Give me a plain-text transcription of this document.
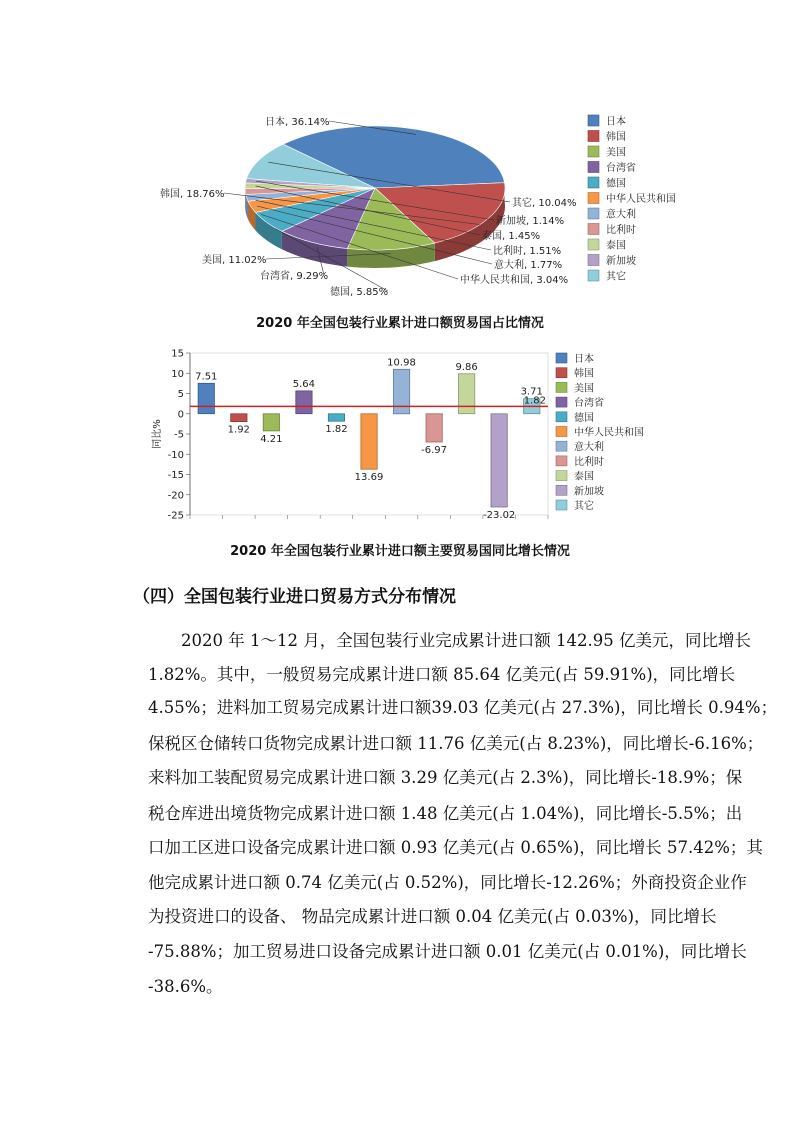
日本, 36.14%
韩国, 18.76%
美国, 11.02%
台湾省, 9.29%
德国, 5.85%
中华人民共和国, 3.04%
意大利, 1.77%
比利时, 1.51%
泰国, 1.45%
新加坡, 1.14%
其它, 10.04%
日本
韩国
美国
台湾省
德国
中华人民共和国
意大利
比利时
泰国
新加坡
其它
2020 年全国包装行业累计进口额贸易国占比情况
15
10
5
0
-5
-10
-15
-20
-25
同比%
7.51
1.92
4.21
5.64
1.82
13.69
10.98
-6.97
9.86
-23.02
3.71
1.82
日本
韩国
美国
台湾省
德国
中华人民共和国
意大利
比利时
泰国
新加坡
其它
2020 年全国包装行业累计进口额主要贸易国同比增长情况
（四）全国包装行业进口贸易方式分布情况
2020 年 1～12 月，全国包装行业完成累计进口额 142.95 亿美元，同比增长
1.82%。其中，一般贸易完成累计进口额 85.64 亿美元(占 59.91%)，同比增长
4.55%；进料加工贸易完成累计进口额39.03 亿美元(占 27.3%)，同比增长 0.94%；
保税区仓储转口货物完成累计进口额 11.76 亿美元(占 8.23%)，同比增长-6.16%；
来料加工装配贸易完成累计进口额 3.29 亿美元(占 2.3%)，同比增长-18.9%；保
税仓库进出境货物完成累计进口额 1.48 亿美元(占 1.04%)，同比增长-5.5%；出
口加工区进口设备完成累计进口额 0.93 亿美元(占 0.65%)，同比增长 57.42%；其
他完成累计进口额 0.74 亿美元(占 0.52%)，同比增长-12.26%；外商投资企业作
为投资进口的设备、 物品完成累计进口额 0.04 亿美元(占 0.03%)，同比增长
-75.88%；加工贸易进口设备完成累计进口额 0.01 亿美元(占 0.01%)，同比增长
-38.6%。
